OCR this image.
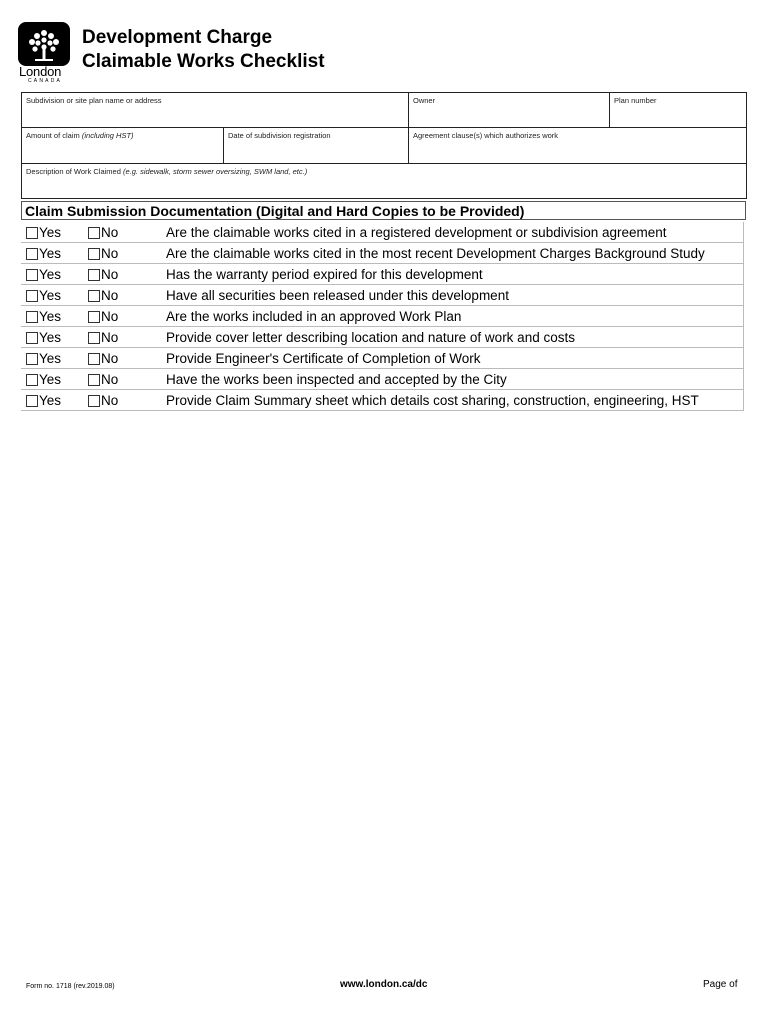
London
CANADA
Development Charge
Claimable Works Checklist
Subdivision or site plan name or address		Owner	Plan number
Amount of claim (including HST)	Date of subdivision registration	Agreement clause(s) which authorizes work	
Description of Work Claimed (e.g. sidewalk, storm sewer oversizing, SWM land, etc.)			
Claim Submission Documentation (Digital and Hard Copies to be Provided)
Yes	No	Are the claimable works cited in a registered development or subdivision agreement
Yes	No	Are the claimable works cited in the most recent Development Charges Background Study
Yes	No	Has the warranty period expired for this development
Yes	No	Have all securities been released under this development
Yes	No	Are the works included in an approved Work Plan
Yes	No	Provide cover letter describing location and nature of work and costs
Yes	No	Provide Engineer's Certificate of Completion of Work
Yes	No	Have the works been inspected and accepted by the City
Yes	No	Provide Claim Summary sheet which details cost sharing, construction, engineering, HST
Form no. 1718 (rev.2019.08)	www.london.ca/dc	Page of
